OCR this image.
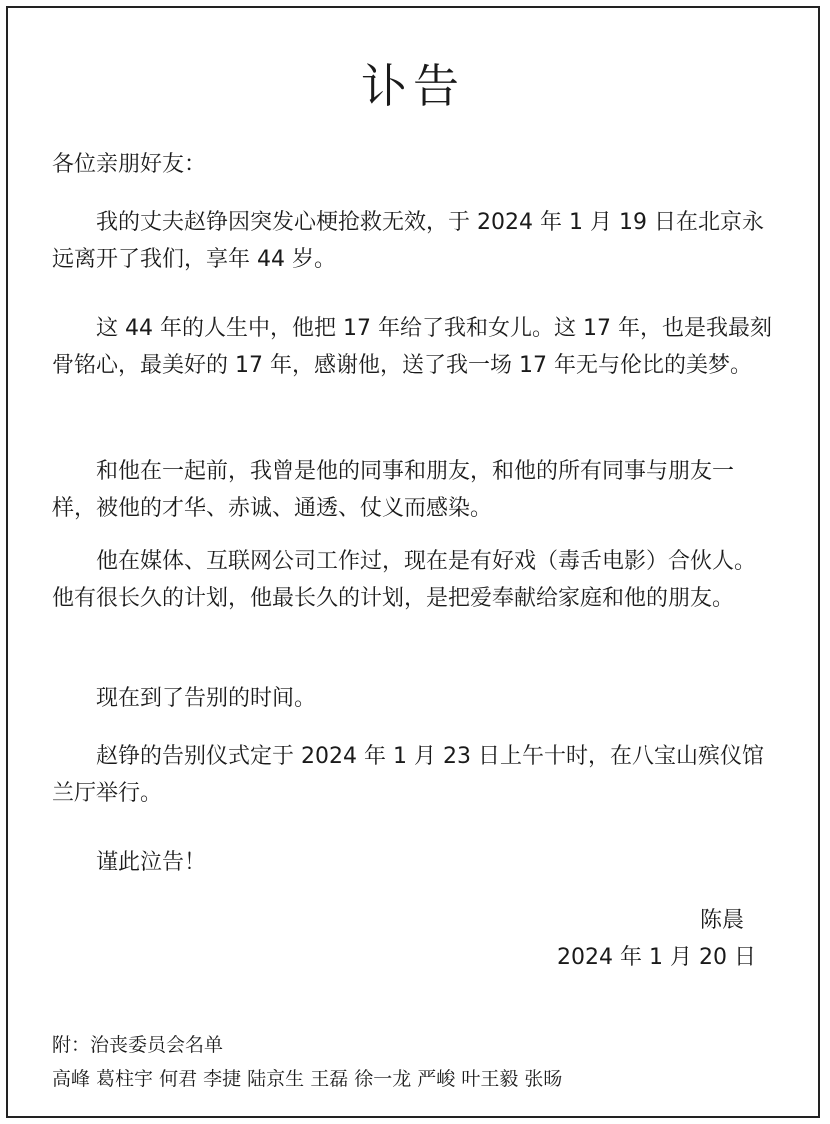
讣告

各位亲朋好友：

我的丈夫赵铮因突发心梗抢救无效，于 2024 年 1 月 19 日在北京永远离开了我们，享年 44 岁。

这 44 年的人生中，他把 17 年给了我和女儿。这 17 年，也是我最刻骨铭心，最美好的 17 年，感谢他，送了我一场 17 年无与伦比的美梦。

和他在一起前，我曾是他的同事和朋友，和他的所有同事与朋友一样，被他的才华、赤诚、通透、仗义而感染。

他在媒体、互联网公司工作过，现在是有好戏（毒舌电影）合伙人。他有很长久的计划，他最长久的计划，是把爱奉献给家庭和他的朋友。

现在到了告别的时间。

赵铮的告别仪式定于 2024 年 1 月 23 日上午十时，在八宝山殡仪馆兰厅举行。

谨此泣告！

陈晨
2024 年 1 月 20 日
附：治丧委员会名单
高峰 葛柱宇 何君 李捷 陆京生 王磊 徐一龙 严峻 叶王毅 张旸
